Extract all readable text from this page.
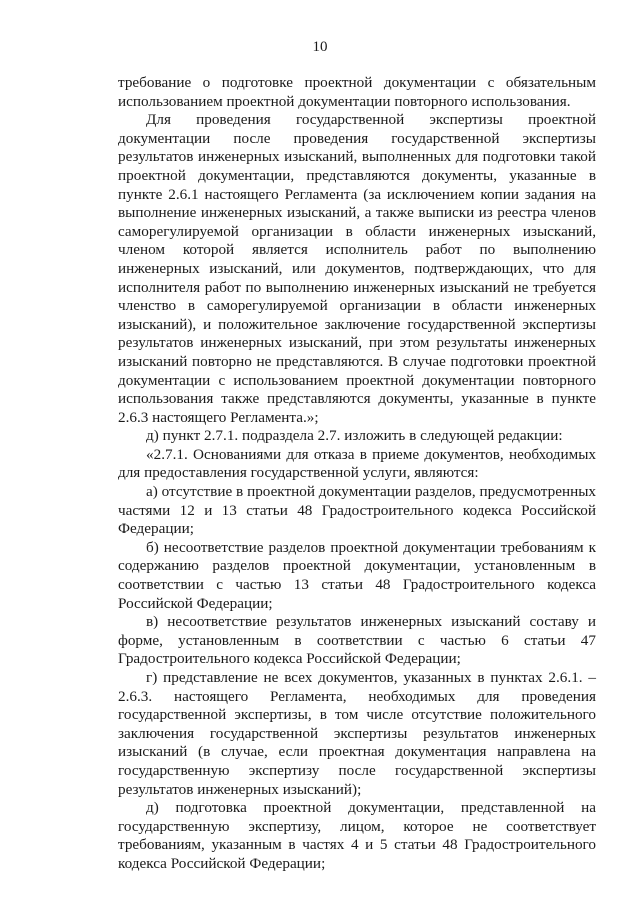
10

требование о подготовке проектной документации с обязательным использованием проектной документации повторного использования.

Для проведения государственной экспертизы проектной документации после проведения государственной экспертизы результатов инженерных изысканий, выполненных для подготовки такой проектной документации, представляются документы, указанные в пункте 2.6.1 настоящего Регламента (за исключением копии задания на выполнение инженерных изысканий, а также выписки из реестра членов саморегулируемой организации в области инженерных изысканий, членом которой является исполнитель работ по выполнению инженерных изысканий, или документов, подтверждающих, что для исполнителя работ по выполнению инженерных изысканий не требуется членство в саморегулируемой организации в области инженерных изысканий), и положительное заключение государственной экспертизы результатов инженерных изысканий, при этом результаты инженерных изысканий повторно не представляются. В случае подготовки проектной документации с использованием проектной документации повторного использования также представляются документы, указанные в пункте 2.6.3 настоящего Регламента.»;

д) пункт 2.7.1. подраздела 2.7. изложить в следующей редакции:

«2.7.1. Основаниями для отказа в приеме документов, необходимых для предоставления государственной услуги, являются:

а) отсутствие в проектной документации разделов, предусмотренных частями 12 и 13 статьи 48 Градостроительного кодекса Российской Федерации;

б) несоответствие разделов проектной документации требованиям к содержанию разделов проектной документации, установленным в соответствии с частью 13 статьи 48 Градостроительного кодекса Российской Федерации;

в) несоответствие результатов инженерных изысканий составу и форме, установленным в соответствии с частью 6 статьи 47 Градостроительного кодекса Российской Федерации;

г) представление не всех документов, указанных в пунктах 2.6.1. – 2.6.3. настоящего Регламента, необходимых для проведения государственной экспертизы, в том числе отсутствие положительного заключения государственной экспертизы результатов инженерных изысканий (в случае, если проектная документация направлена на государственную экспертизу после государственной экспертизы результатов инженерных изысканий);

д) подготовка проектной документации, представленной на государственную экспертизу, лицом, которое не соответствует требованиям, указанным в частях 4 и 5 статьи 48 Градостроительного кодекса Российской Федерации;
